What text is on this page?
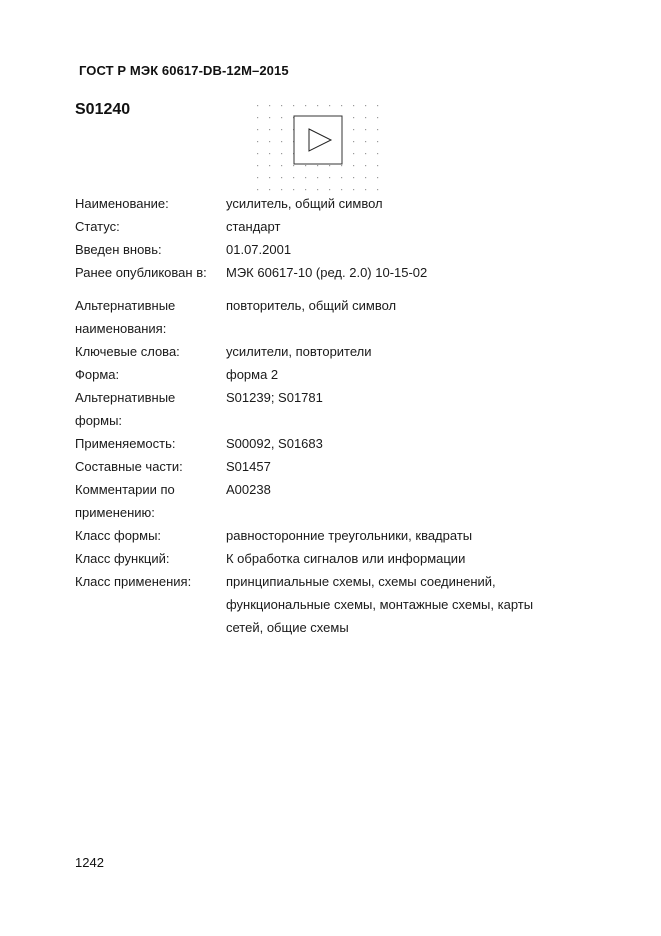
ГОСТ Р МЭК 60617-DB-12M–2015
S01240
Наименование:	усилитель, общий символ
Статус:	стандарт
Введен вновь:	01.07.2001
Ранее опубликован в:	МЭК 60617-10 (ред. 2.0) 10-15-02
Альтернативные	повторитель, общий символ
наименования:
Ключевые слова:	усилители, повторители
Форма:	форма 2
Альтернативные	S01239; S01781
формы:
Применяемость:	S00092, S01683
Составные части:	S01457
Комментарии по	A00238
применению:
Класс формы:	равносторонние треугольники, квадраты
Класс функций:	К обработка сигналов или информации
Класс применения:	принципиальные схемы, схемы соединений,
функциональные схемы, монтажные схемы, карты
сетей, общие схемы
1242
